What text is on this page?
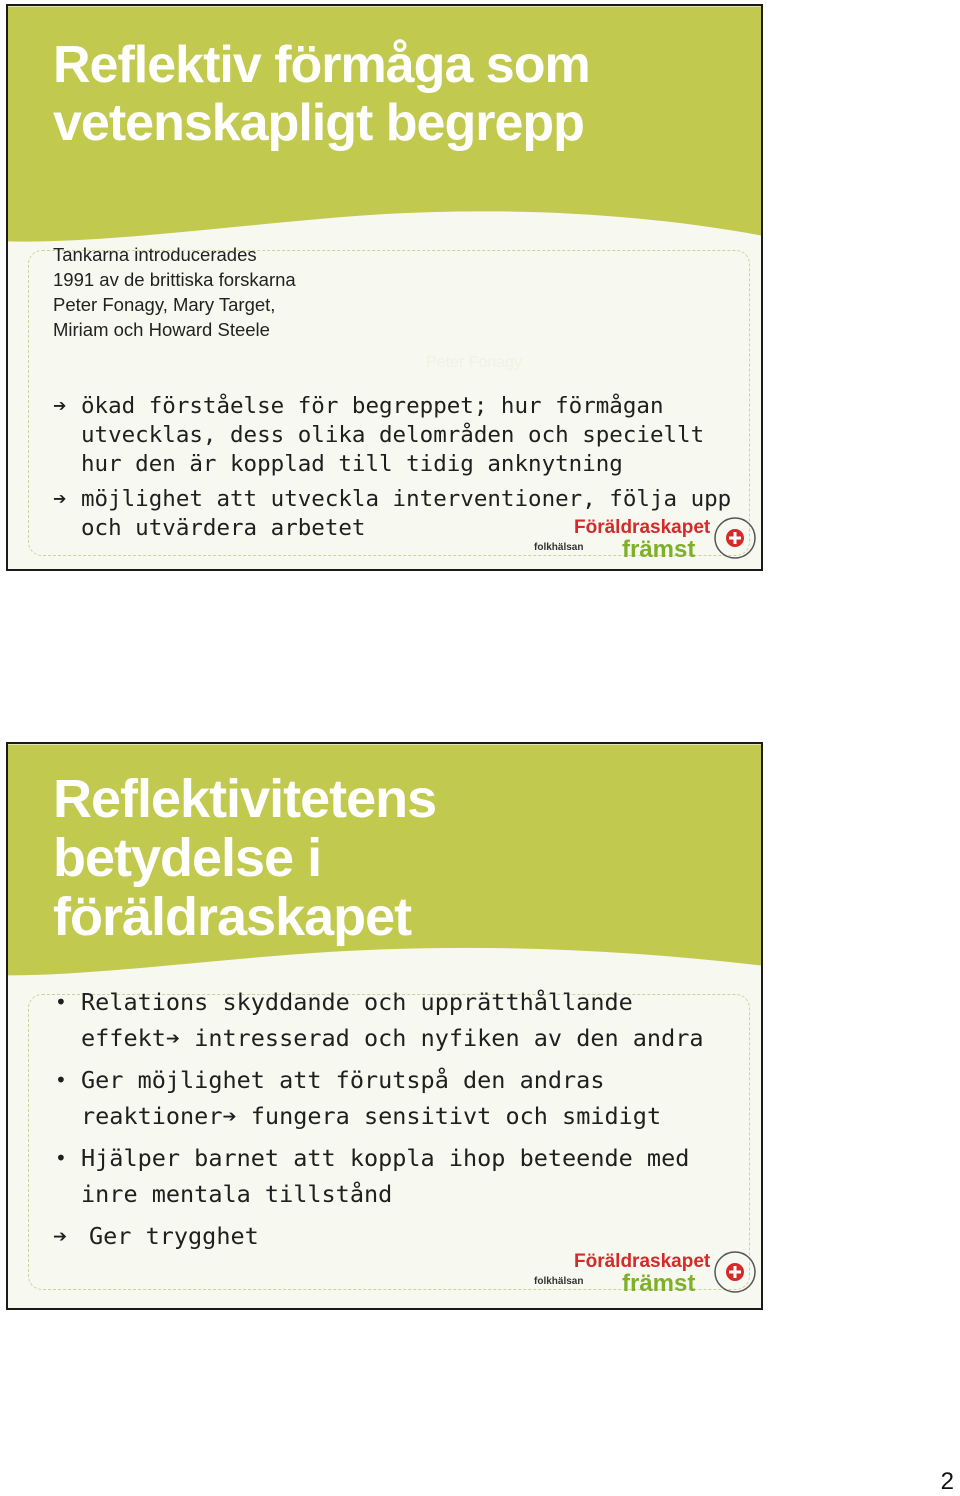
Reflektiv förmåga som
vetenskapligt begrepp
Tankarna introducerades
1991 av de brittiska forskarna
Peter Fonagy, Mary Target,
Miriam och Howard Steele
Peter Fonagy
➔ ökad förståelse för begreppet; hur förmågan
utvecklas, dess olika delområden och speciellt
hur den är kopplad till tidig anknytning
➔ möjlighet att utveckla interventioner, följa upp
och utvärdera arbetet	Föräldraskapet
främst
folkhälsan
Reflektivitetens
betydelse i
föräldraskapet
• Relations skyddande och upprätthållande effekt➔ intresserad och nyfiken av den andra
• Ger möjlighet att förutspå den andras reaktioner➔ fungera sensitivt och smidigt
• Hjälper barnet att koppla ihop beteende med inre mentala tillstånd
➔ Ger trygghet
Föräldraskapet
främst
folkhälsan
2
